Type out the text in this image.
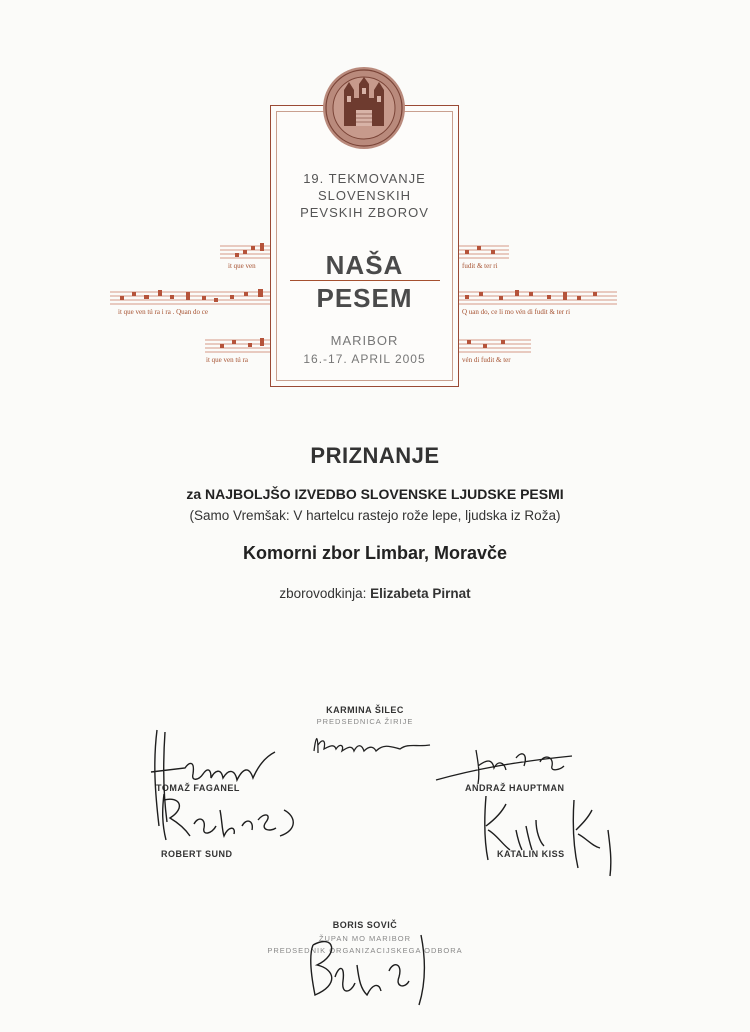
it que ven
it que ven tú ra i ra . Quan do ce
it que ven tú ra
fudit & ter ri
Q uan do, ce li mo vén di fudit & ter ri
vén di fudit & ter
19. TEKMOVANJE
SLOVENSKIH
PEVSKIH ZBOROV
NAŠA
PESEM
MARIBOR
16.-17. APRIL 2005
PRIZNANJE
za NAJBOLJŠO IZVEDBO SLOVENSKE LJUDSKE PESMI
(Samo Vremšak: V hartelcu rastejo rože lepe, ljudska iz Roža)
Komorni zbor Limbar, Moravče
zborovodkinja: Elizabeta Pirnat
KARMINA ŠILEC
PREDSEDNICA ŽIRIJE
TOMAŽ FAGANEL	ANDRAŽ HAUPTMAN
ROBERT SUND	KATALIN KISS
BORIS SOVIČ
ŽUPAN MO MARIBOR
PREDSEDNIK ORGANIZACIJSKEGA ODBORA
